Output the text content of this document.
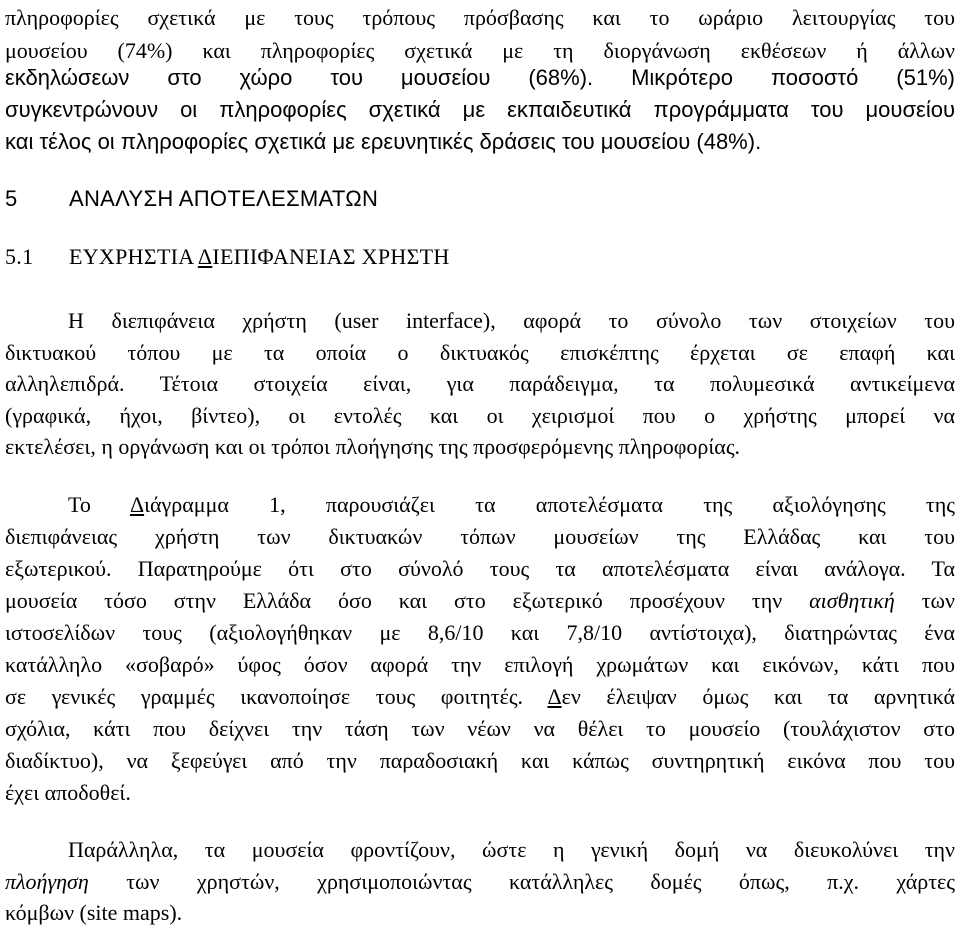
πληροφορίες σχετικά με τους τρόπους πρόσβασης και το ωράριο λειτουργίας του
μουσείου (74%) και πληροφορίες σχετικά με τη διοργάνωση εκθέσεων ή άλλων
εκδηλώσεων στο χώρο του μουσείου (68%). Μικρότερο ποσοστό (51%)
συγκεντρώνουν οι πληροφορίες σχετικά με εκπαιδευτικά προγράμματα του μουσείου
και τέλος οι πληροφορίες σχετικά με ερευνητικές δράσεις του μουσείου (48%).
5 ΑΝΑΛΥΣΗ ΑΠΟΤΕΛΕΣΜΑΤΩΝ
5.1 ΕΥΧΡΗΣΤΙΑ ΔΙΕΠΙΦΑΝΕΙΑΣ ΧΡΗΣΤΗ
Η διεπιφάνεια χρήστη (user interface), αφορά το σύνολο των στοιχείων του
δικτυακού τόπου με τα οποία ο δικτυακός επισκέπτης έρχεται σε επαφή και
αλληλεπιδρά. Τέτοια στοιχεία είναι, για παράδειγμα, τα πολυμεσικά αντικείμενα
(γραφικά, ήχοι, βίντεο), οι εντολές και οι χειρισμοί που ο χρήστης μπορεί να
εκτελέσει, η οργάνωση και οι τρόποι πλοήγησης της προσφερόμενης πληροφορίας.
Το Διάγραμμα 1, παρουσιάζει τα αποτελέσματα της αξιολόγησης της
διεπιφάνειας χρήστη των δικτυακών τόπων μουσείων της Ελλάδας και του
εξωτερικού. Παρατηρούμε ότι στο σύνολό τους τα αποτελέσματα είναι ανάλογα. Τα
μουσεία τόσο στην Ελλάδα όσο και στο εξωτερικό προσέχουν την αισθητική των
ιστοσελίδων τους (αξιολογήθηκαν με 8,6/10 και 7,8/10 αντίστοιχα), διατηρώντας ένα
κατάλληλο «σοβαρό» ύφος όσον αφορά την επιλογή χρωμάτων και εικόνων, κάτι που
σε γενικές γραμμές ικανοποίησε τους φοιτητές. Δεν έλειψαν όμως και τα αρνητικά
σχόλια, κάτι που δείχνει την τάση των νέων να θέλει το μουσείο (τουλάχιστον στο
διαδίκτυο), να ξεφεύγει από την παραδοσιακή και κάπως συντηρητική εικόνα που του
έχει αποδοθεί.
Παράλληλα, τα μουσεία φροντίζουν, ώστε η γενική δομή να διευκολύνει την
πλοήγηση των χρηστών, χρησιμοποιώντας κατάλληλες δομές όπως, π.χ. χάρτες
κόμβων (site maps).
